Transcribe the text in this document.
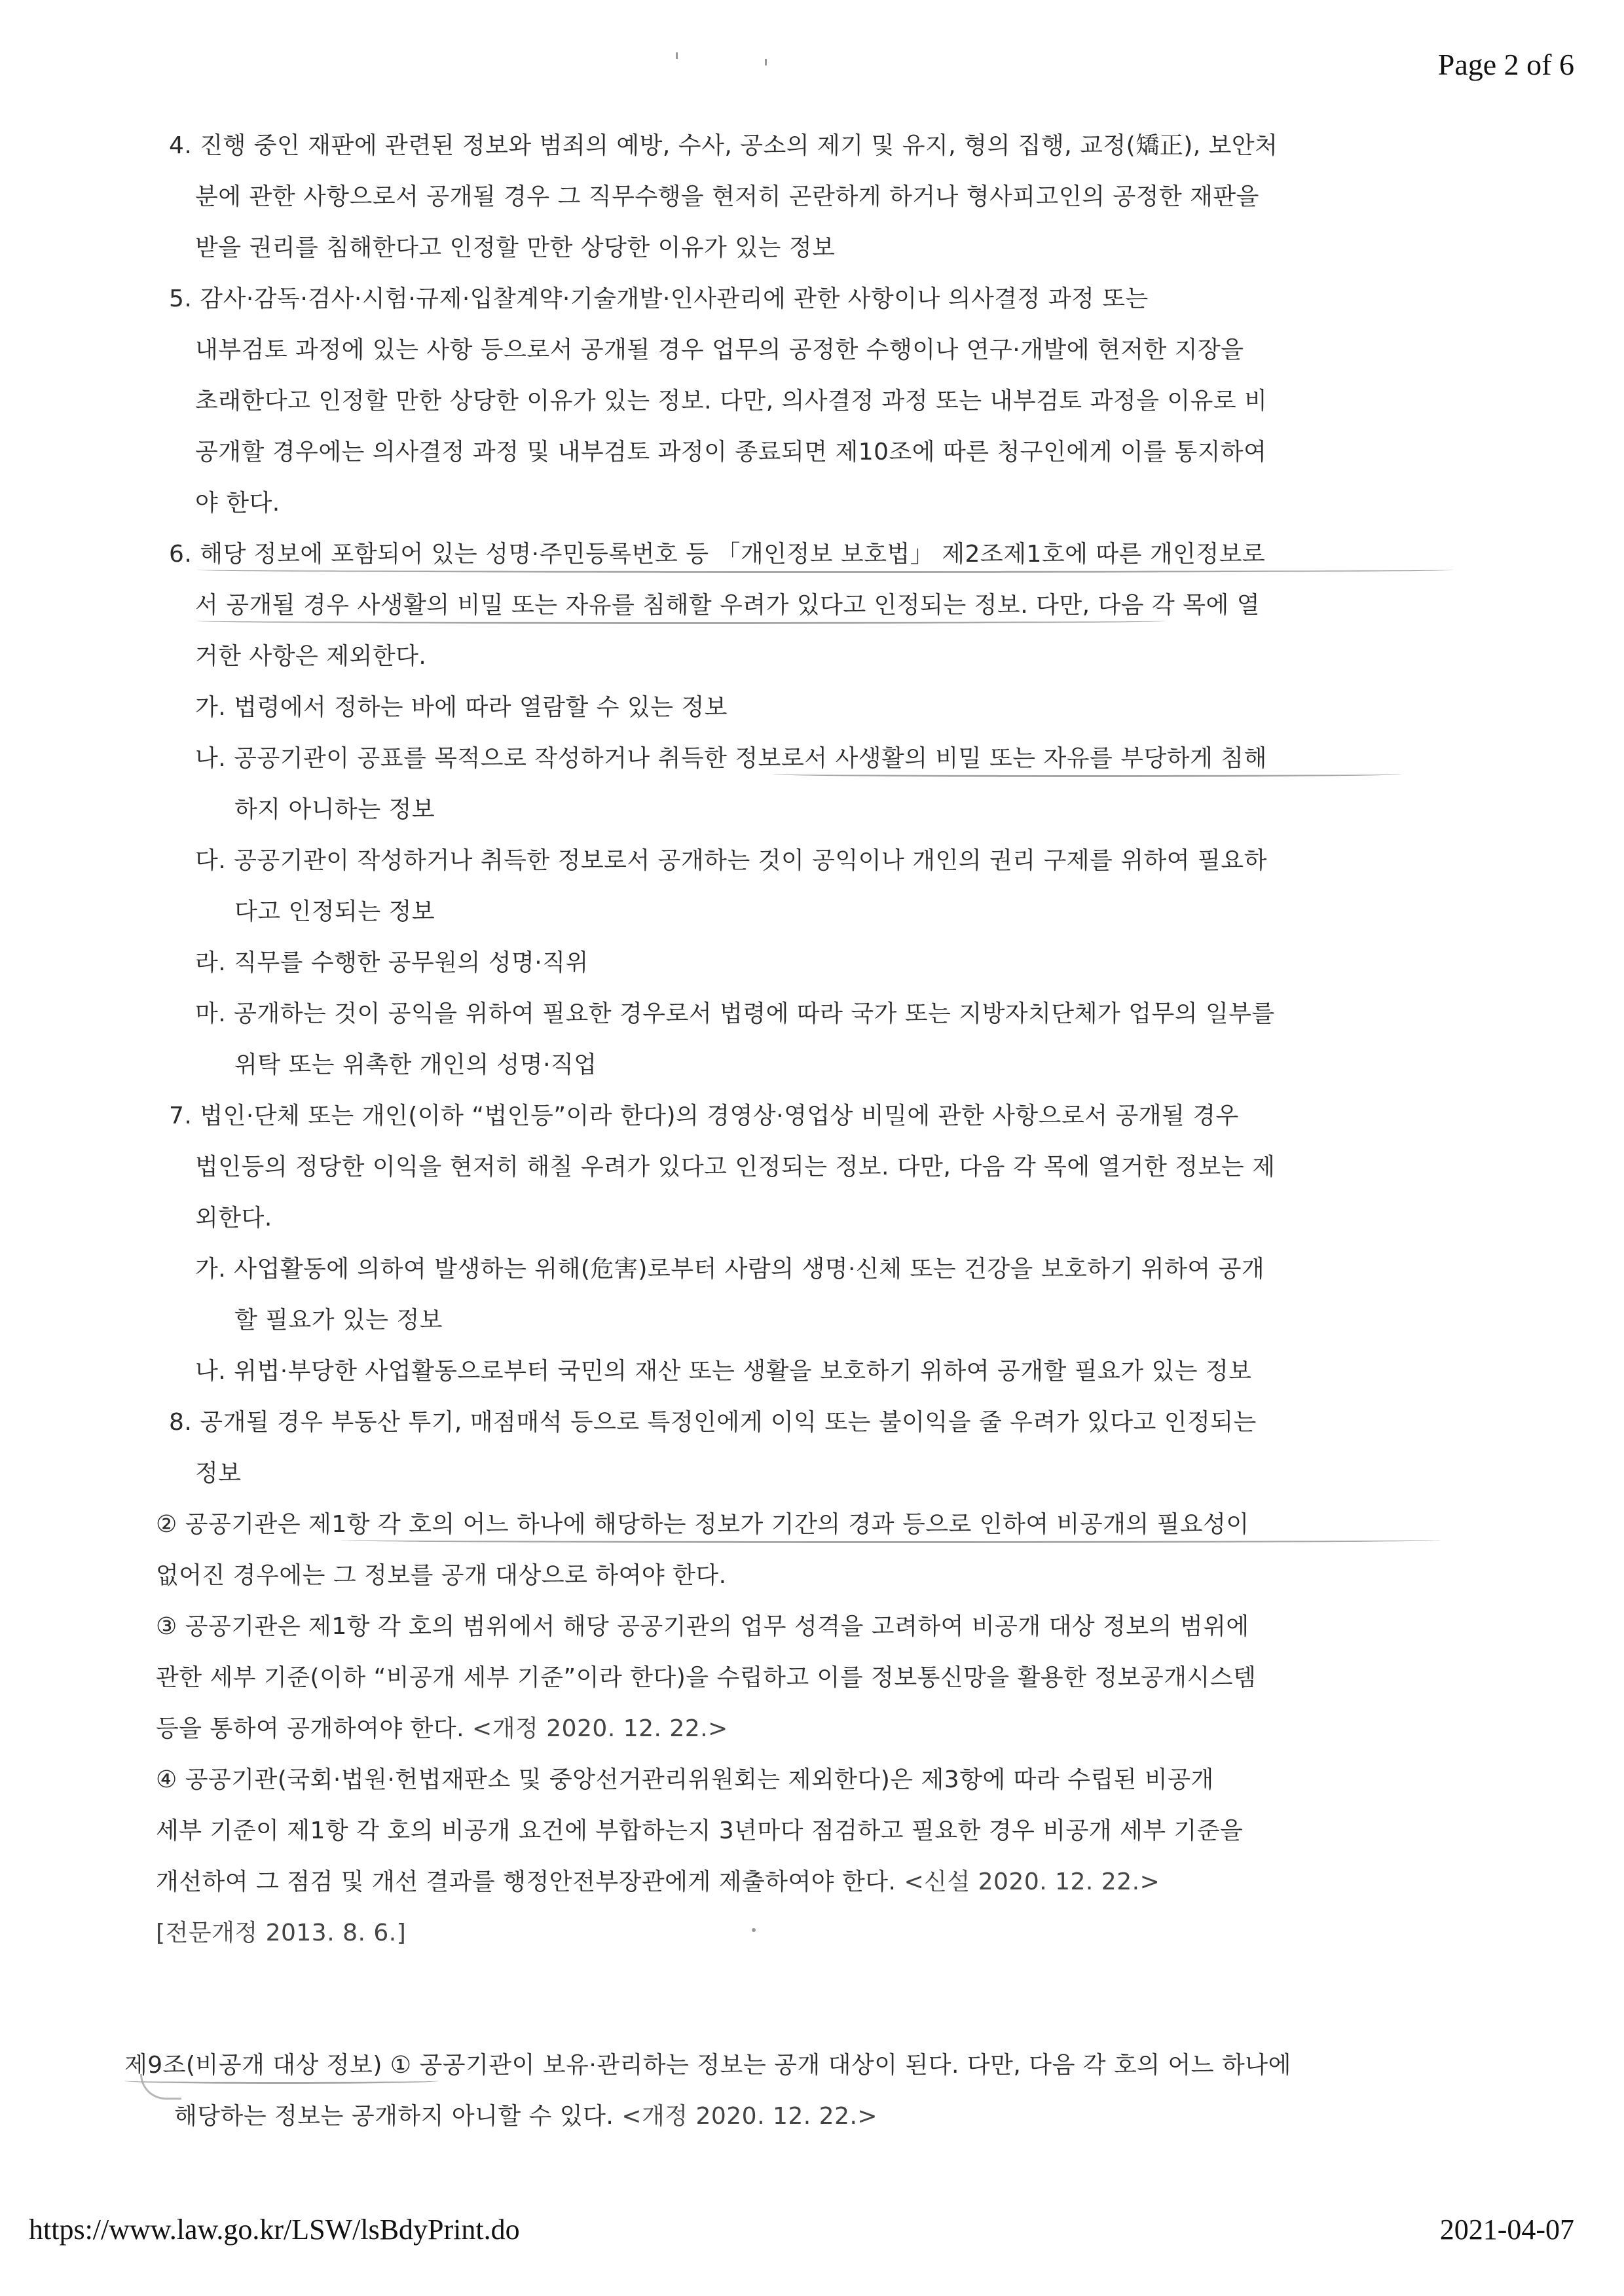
Page 2 of 6
4. 진행 중인 재판에 관련된 정보와 범죄의 예방, 수사, 공소의 제기 및 유지, 형의 집행, 교정(矯正), 보안처
분에 관한 사항으로서 공개될 경우 그 직무수행을 현저히 곤란하게 하거나 형사피고인의 공정한 재판을
받을 권리를 침해한다고 인정할 만한 상당한 이유가 있는 정보
5. 감사·감독·검사·시험·규제·입찰계약·기술개발·인사관리에 관한 사항이나 의사결정 과정 또는
내부검토 과정에 있는 사항 등으로서 공개될 경우 업무의 공정한 수행이나 연구·개발에 현저한 지장을
초래한다고 인정할 만한 상당한 이유가 있는 정보. 다만, 의사결정 과정 또는 내부검토 과정을 이유로 비
공개할 경우에는 의사결정 과정 및 내부검토 과정이 종료되면 제10조에 따른 청구인에게 이를 통지하여
야 한다.
6. 해당 정보에 포함되어 있는 성명·주민등록번호 등 「개인정보 보호법」 제2조제1호에 따른 개인정보로
서 공개될 경우 사생활의 비밀 또는 자유를 침해할 우려가 있다고 인정되는 정보. 다만, 다음 각 목에 열
거한 사항은 제외한다.
가. 법령에서 정하는 바에 따라 열람할 수 있는 정보
나. 공공기관이 공표를 목적으로 작성하거나 취득한 정보로서 사생활의 비밀 또는 자유를 부당하게 침해
하지 아니하는 정보
다. 공공기관이 작성하거나 취득한 정보로서 공개하는 것이 공익이나 개인의 권리 구제를 위하여 필요하
다고 인정되는 정보
라. 직무를 수행한 공무원의 성명·직위
마. 공개하는 것이 공익을 위하여 필요한 경우로서 법령에 따라 국가 또는 지방자치단체가 업무의 일부를
위탁 또는 위촉한 개인의 성명·직업
7. 법인·단체 또는 개인(이하 “법인등”이라 한다)의 경영상·영업상 비밀에 관한 사항으로서 공개될 경우
법인등의 정당한 이익을 현저히 해칠 우려가 있다고 인정되는 정보. 다만, 다음 각 목에 열거한 정보는 제
외한다.
가. 사업활동에 의하여 발생하는 위해(危害)로부터 사람의 생명·신체 또는 건강을 보호하기 위하여 공개
할 필요가 있는 정보
나. 위법·부당한 사업활동으로부터 국민의 재산 또는 생활을 보호하기 위하여 공개할 필요가 있는 정보
8. 공개될 경우 부동산 투기, 매점매석 등으로 특정인에게 이익 또는 불이익을 줄 우려가 있다고 인정되는
정보
② 공공기관은 제1항 각 호의 어느 하나에 해당하는 정보가 기간의 경과 등으로 인하여 비공개의 필요성이
없어진 경우에는 그 정보를 공개 대상으로 하여야 한다.
③ 공공기관은 제1항 각 호의 범위에서 해당 공공기관의 업무 성격을 고려하여 비공개 대상 정보의 범위에
관한 세부 기준(이하 “비공개 세부 기준”이라 한다)을 수립하고 이를 정보통신망을 활용한 정보공개시스템
등을 통하여 공개하여야 한다. <개정 2020. 12. 22.>
④ 공공기관(국회·법원·헌법재판소 및 중앙선거관리위원회는 제외한다)은 제3항에 따라 수립된 비공개
세부 기준이 제1항 각 호의 비공개 요건에 부합하는지 3년마다 점검하고 필요한 경우 비공개 세부 기준을
개선하여 그 점검 및 개선 결과를 행정안전부장관에게 제출하여야 한다. <신설 2020. 12. 22.>
[전문개정 2013. 8. 6.]
제9조(비공개 대상 정보) ① 공공기관이 보유·관리하는 정보는 공개 대상이 된다. 다만, 다음 각 호의 어느 하나에
해당하는 정보는 공개하지 아니할 수 있다. <개정 2020. 12. 22.>
https://www.law.go.kr/LSW/lsBdyPrint.do	2021-04-07
